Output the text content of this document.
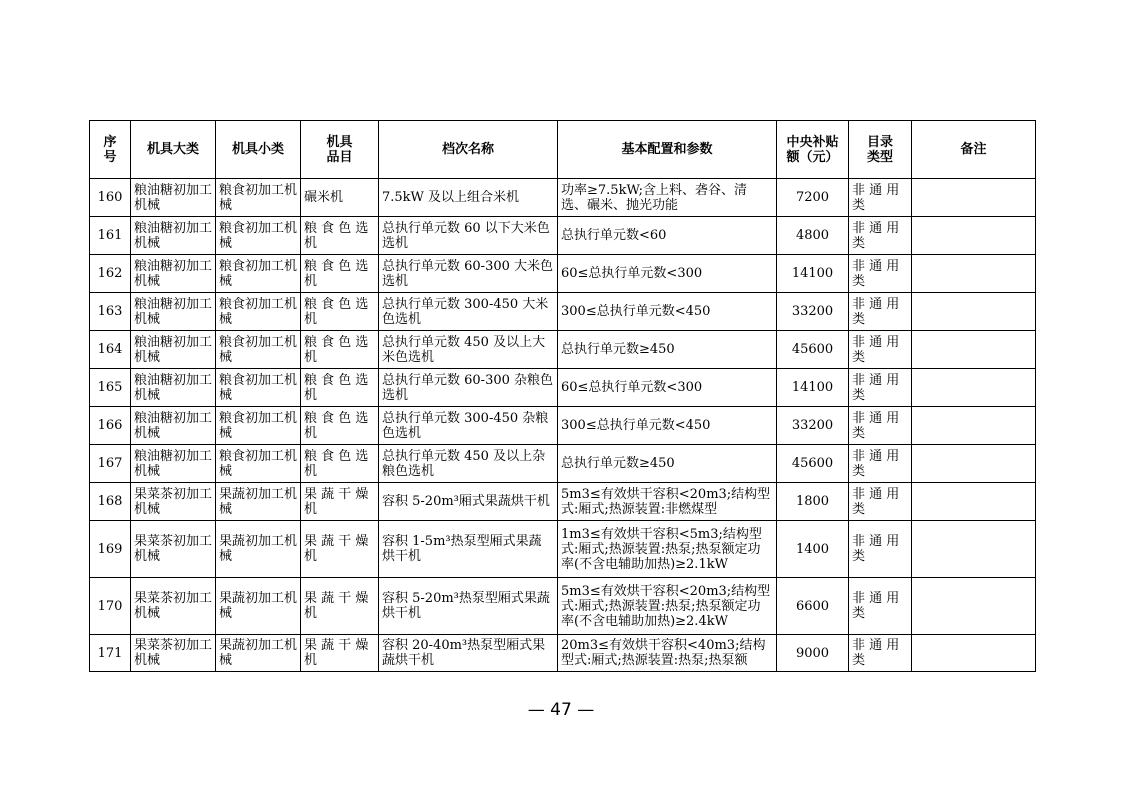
序号	机具大类	机具小类	机具品目	档次名称	基本配置和参数	中央补贴额（元）	目录类型	备注
160	粮油糖初加工机械	粮食初加工机械	碾米机	7.5kW 及以上组合米机	功率≥7.5kW;含上料、砻谷、清选、碾米、抛光功能	7200	非 通 用类	

161	粮油糖初加工机械	粮食初加工机械	粮 食 色 选机	总执行单元数 60 以下大米色选机	总执行单元数<60	4800	非 通 用类	

162	粮油糖初加工机械	粮食初加工机械	粮 食 色 选机	总执行单元数 60-300 大米色选机	60≤总执行单元数<300	14100	非 通 用类	

163	粮油糖初加工机械	粮食初加工机械	粮 食 色 选机	总执行单元数 300-450 大米色选机	300≤总执行单元数<450	33200	非 通 用类	

164	粮油糖初加工机械	粮食初加工机械	粮 食 色 选机	总执行单元数 450 及以上大米色选机	总执行单元数≥450	45600	非 通 用类	

165	粮油糖初加工机械	粮食初加工机械	粮 食 色 选机	总执行单元数 60-300 杂粮色选机	60≤总执行单元数<300	14100	非 通 用类	

166	粮油糖初加工机械	粮食初加工机械	粮 食 色 选机	总执行单元数 300-450 杂粮色选机	300≤总执行单元数<450	33200	非 通 用类	

167	粮油糖初加工机械	粮食初加工机械	粮 食 色 选机	总执行单元数 450 及以上杂粮色选机	总执行单元数≥450	45600	非 通 用类	

168	果菜茶初加工机械	果蔬初加工机械	果 蔬 干 燥机	容积 5-20m³厢式果蔬烘干机	5m3≤有效烘干容积<20m3;结构型式:厢式;热源装置:非燃煤型	1800	非 通 用类	

169	果菜茶初加工机械	果蔬初加工机械	果 蔬 干 燥机	容积 1-5m³热泵型厢式果蔬烘干机	1m3≤有效烘干容积<5m3;结构型式:厢式;热源装置:热泵;热泵额定功率(不含电辅助加热)≥2.1kW	1400	非 通 用类	

170	果菜茶初加工机械	果蔬初加工机械	果 蔬 干 燥机	容积 5-20m³热泵型厢式果蔬烘干机	5m3≤有效烘干容积<20m3;结构型式:厢式;热源装置:热泵;热泵额定功率(不含电辅助加热)≥2.4kW	6600	非 通 用类	

171	果菜茶初加工机械	果蔬初加工机械	果 蔬 干 燥机	容积 20-40m³热泵型厢式果蔬烘干机	20m3≤有效烘干容积<40m3;结构型式:厢式;热源装置:热泵;热泵额	9000	非 通 用类	

— 47 —
